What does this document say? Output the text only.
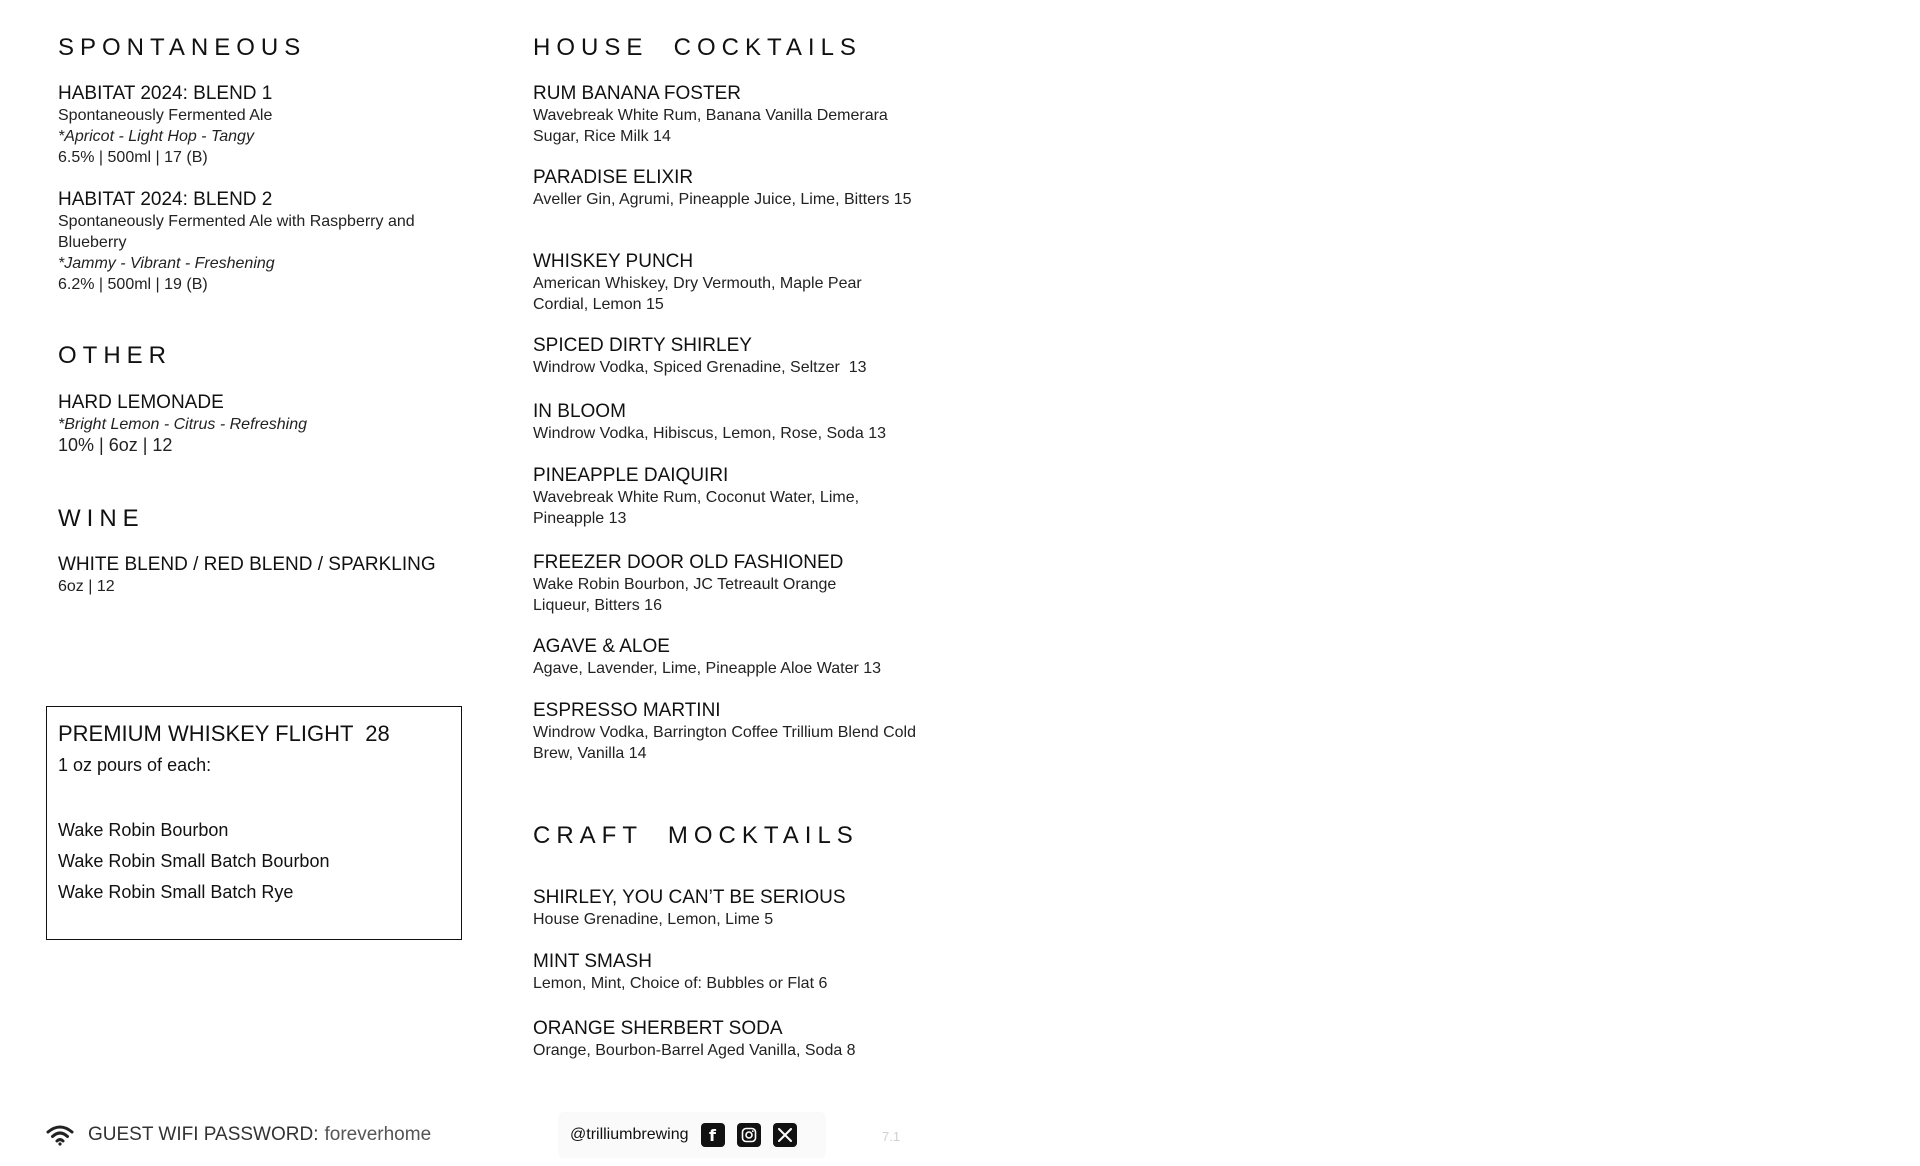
SPONTANEOUS
HABITAT 2024: BLEND 1
Spontaneously Fermented Ale
*Apricot - Light Hop - Tangy
6.5% | 500ml | 17 (B)
HABITAT 2024: BLEND 2
Spontaneously Fermented Ale with Raspberry and Blueberry
*Jammy - Vibrant - Freshening
6.2% | 500ml | 19 (B)
OTHER
HARD LEMONADE
*Bright Lemon - Citrus - Refreshing
10% | 6oz | 12
WINE
WHITE BLEND / RED BLEND / SPARKLING
6oz | 12
PREMIUM WHISKEY FLIGHT  28
1 oz pours of each:
Wake Robin Bourbon
Wake Robin Small Batch Bourbon
Wake Robin Small Batch Rye
HOUSE  COCKTAILS
RUM BANANA FOSTER
Wavebreak White Rum, Banana Vanilla Demerara Sugar, Rice Milk 14
PARADISE ELIXIR
Aveller Gin, Agrumi, Pineapple Juice, Lime, Bitters 15
WHISKEY PUNCH
American Whiskey, Dry Vermouth, Maple Pear Cordial, Lemon 15
SPICED DIRTY SHIRLEY
Windrow Vodka, Spiced Grenadine, Seltzer  13
IN BLOOM
Windrow Vodka, Hibiscus, Lemon, Rose, Soda 13
PINEAPPLE DAIQUIRI
Wavebreak White Rum, Coconut Water, Lime, Pineapple 13
FREEZER DOOR OLD FASHIONED
Wake Robin Bourbon, JC Tetreault Orange Liqueur, Bitters 16
AGAVE & ALOE
Agave, Lavender, Lime, Pineapple Aloe Water 13
ESPRESSO MARTINI
Windrow Vodka, Barrington Coffee Trillium Blend Cold Brew, Vanilla 14
CRAFT  MOCKTAILS
SHIRLEY, YOU CAN’T BE SERIOUS
House Grenadine, Lemon, Lime 5
MINT SMASH
Lemon, Mint, Choice of: Bubbles or Flat 6
ORANGE SHERBERT SODA
Orange, Bourbon-Barrel Aged Vanilla, Soda 8
GUEST WIFI PASSWORD: foreverhome	@trilliumbrewing	f	7.1
